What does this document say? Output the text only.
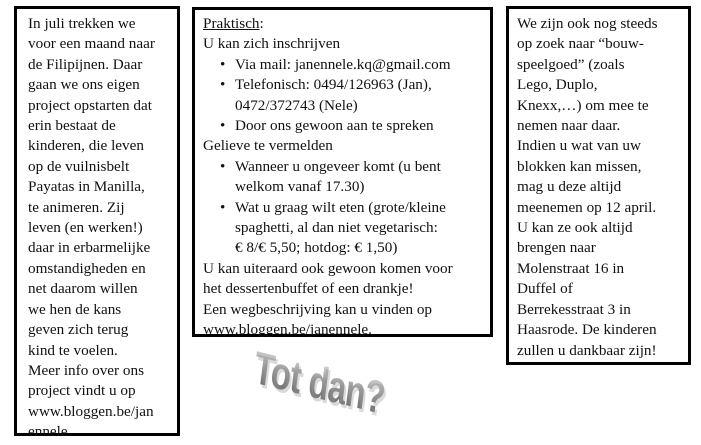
In juli trekken we
voor een maand naar
de Filipijnen. Daar
gaan we ons eigen
project opstarten dat
erin bestaat de
kinderen, die leven
op de vuilnisbelt
Payatas in Manilla,
te animeren. Zij
leven (en werken!)
daar in erbarmelijke
omstandigheden en
net daarom willen
we hen de kans
geven zich terug
kind te voelen.
Meer info over ons
project vindt u op
www.bloggen.be/jan
ennele.
Praktisch:
U kan zich inschrijven
• Via mail: janennele.kq@gmail.com
• Telefonisch: 0494/126963 (Jan),
0472/372743 (Nele)
• Door ons gewoon aan te spreken
Gelieve te vermelden
• Wanneer u ongeveer komt (u bent
welkom vanaf 17.30)
• Wat u graag wilt eten (grote/kleine
spaghetti, al dan niet vegetarisch:
€ 8/€ 5,50; hotdog: € 1,50)
U kan uiteraard ook gewoon komen voor
het dessertenbuffet of een drankje!
Een wegbeschrijving kan u vinden op
www.bloggen.be/janennele.
We zijn ook nog steeds
op zoek naar “bouw-
speelgoed” (zoals
Lego, Duplo,
Knexx,…) om mee te
nemen naar daar.
Indien u wat van uw
blokken kan missen,
mag u deze altijd
meenemen op 12 april.
U kan ze ook altijd
brengen naar
Molenstraat 16 in
Duffel of
Berrekesstraat 3 in
Haasrode. De kinderen
zullen u dankbaar zijn!
Tot dan?
